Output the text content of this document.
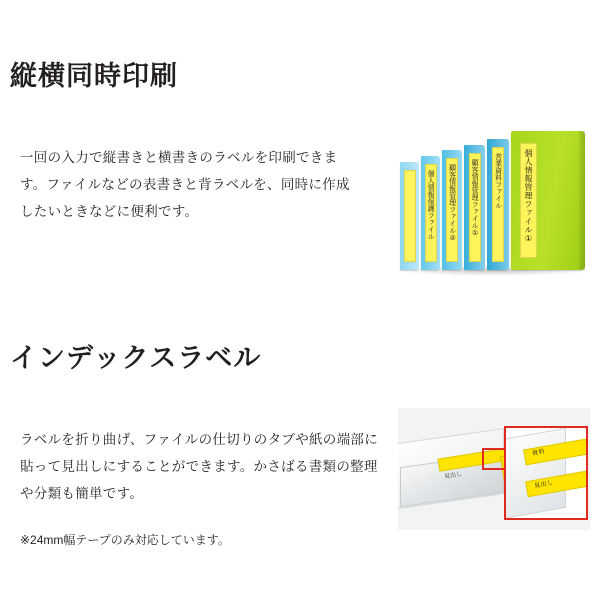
縦横同時印刷

一回の入力で縦書きと横書きのラベルを印刷できます。ファイルなどの表書きと背ラベルを、同時に作成したいときなどに便利です。	個人情報保護ファイル 顧客情報管理ファイル② 顧客情報管理ファイル① 営業資料ファイル	個人情報管理ファイル①
インデックスラベル

ラベルを折り曲げ、ファイルの仕切りのタブや紙の端部に貼って見出しにすることができます。かさばる書類の整理や分類も簡単です。

※24mm幅テープのみ対応しています。

見出し
資料
見出し
